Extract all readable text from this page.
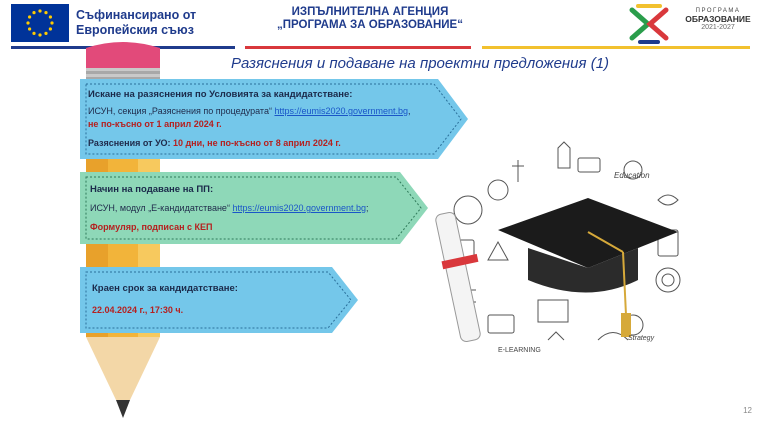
Съфинансирано от
Европейския съюз
ИЗПЪЛНИТЕЛНА АГЕНЦИЯ
„ПРОГРАМА ЗА ОБРАЗОВАНИЕ“
ПРОГРАМА
ОБРАЗОВАНИЕ
2021-2027
Разяснения и подаване на проектни предложения (1)
Искане на разяснения по Условията за кандидатстване:
ИСУН, секция „Разяснения по процедурата“ https://eumis2020.government.bg,
не по-късно от 1 април 2024 г.
Разяснения от УО: 10 дни, не по-късно от 8 април 2024 г.
Начин на подаване на ПП:
ИСУН, модул „Е-кандидатстване“ https://eumis2020.government.bg;
Формуляр, подписан с КЕП
Краен срок за кандидатстване:
22.04.2024 г., 17:30 ч.
Education
E-LEARNING
Strategy
12
